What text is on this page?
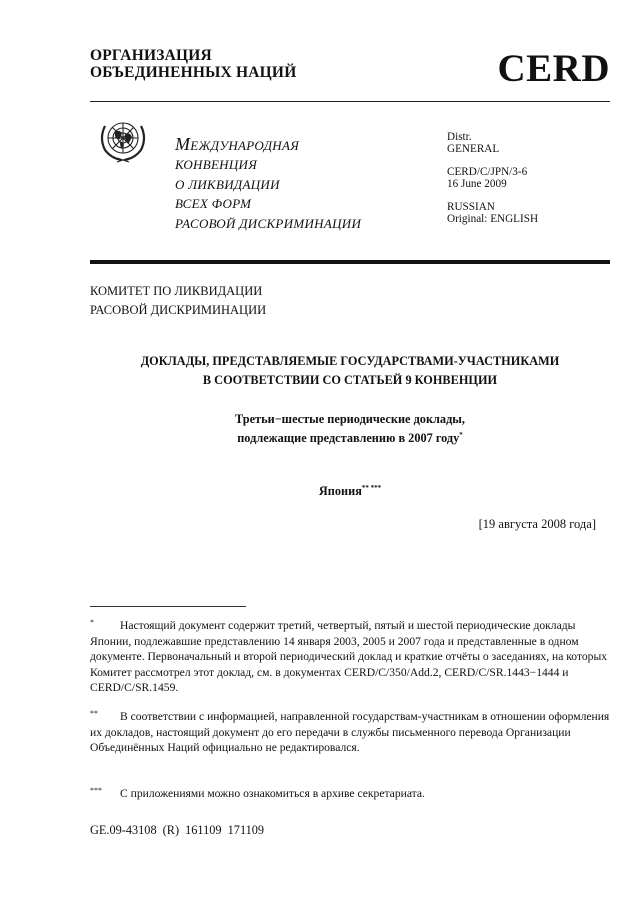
ОРГАНИЗАЦИЯ
ОБЪЕДИНЕННЫХ НАЦИЙ	CERD
Международная
КОНВЕНЦИЯ
О ЛИКВИДАЦИИ
ВСЕХ ФОРМ
РАСОВОЙ ДИСКРИМИНАЦИИ
Distr.
GENERAL
CERD/C/JPN/3-6
16 June 2009
RUSSIAN
Original: ENGLISH
КОМИТЕТ ПО ЛИКВИДАЦИИ
РАСОВОЙ ДИСКРИМИНАЦИИ
ДОКЛАДЫ, ПРЕДСТАВЛЯЕМЫЕ ГОСУДАРСТВАМИ-УЧАСТНИКАМИ
В СООТВЕТСТВИИ СО СТАТЬЕЙ 9 КОНВЕНЦИИ
Третьи−шестые периодические доклады,
подлежащие представлению в 2007 году*
Япония** ***
[19 августа 2008 года]
* Настоящий документ содержит третий, четвертый, пятый и шестой периодические доклады Японии, подлежавшие представлению 14 января 2003, 2005 и 2007 года и представленные в одном документе. Первоначальный и второй периодический доклад и краткие отчёты о заседаниях, на которых Комитет рассмотрел этот доклад, см. в документах CERD/C/350/Add.2, CERD/C/SR.1443−1444 и CERD/C/SR.1459.
** В соответствии с информацией, направленной государствам-участникам в отношении оформления их докладов, настоящий документ до его передачи в службы письменного перевода Организации Объединённых Наций официально не редактировался.
*** С приложениями можно ознакомиться в архиве секретариата.
GE.09-43108 (R) 161109 171109
